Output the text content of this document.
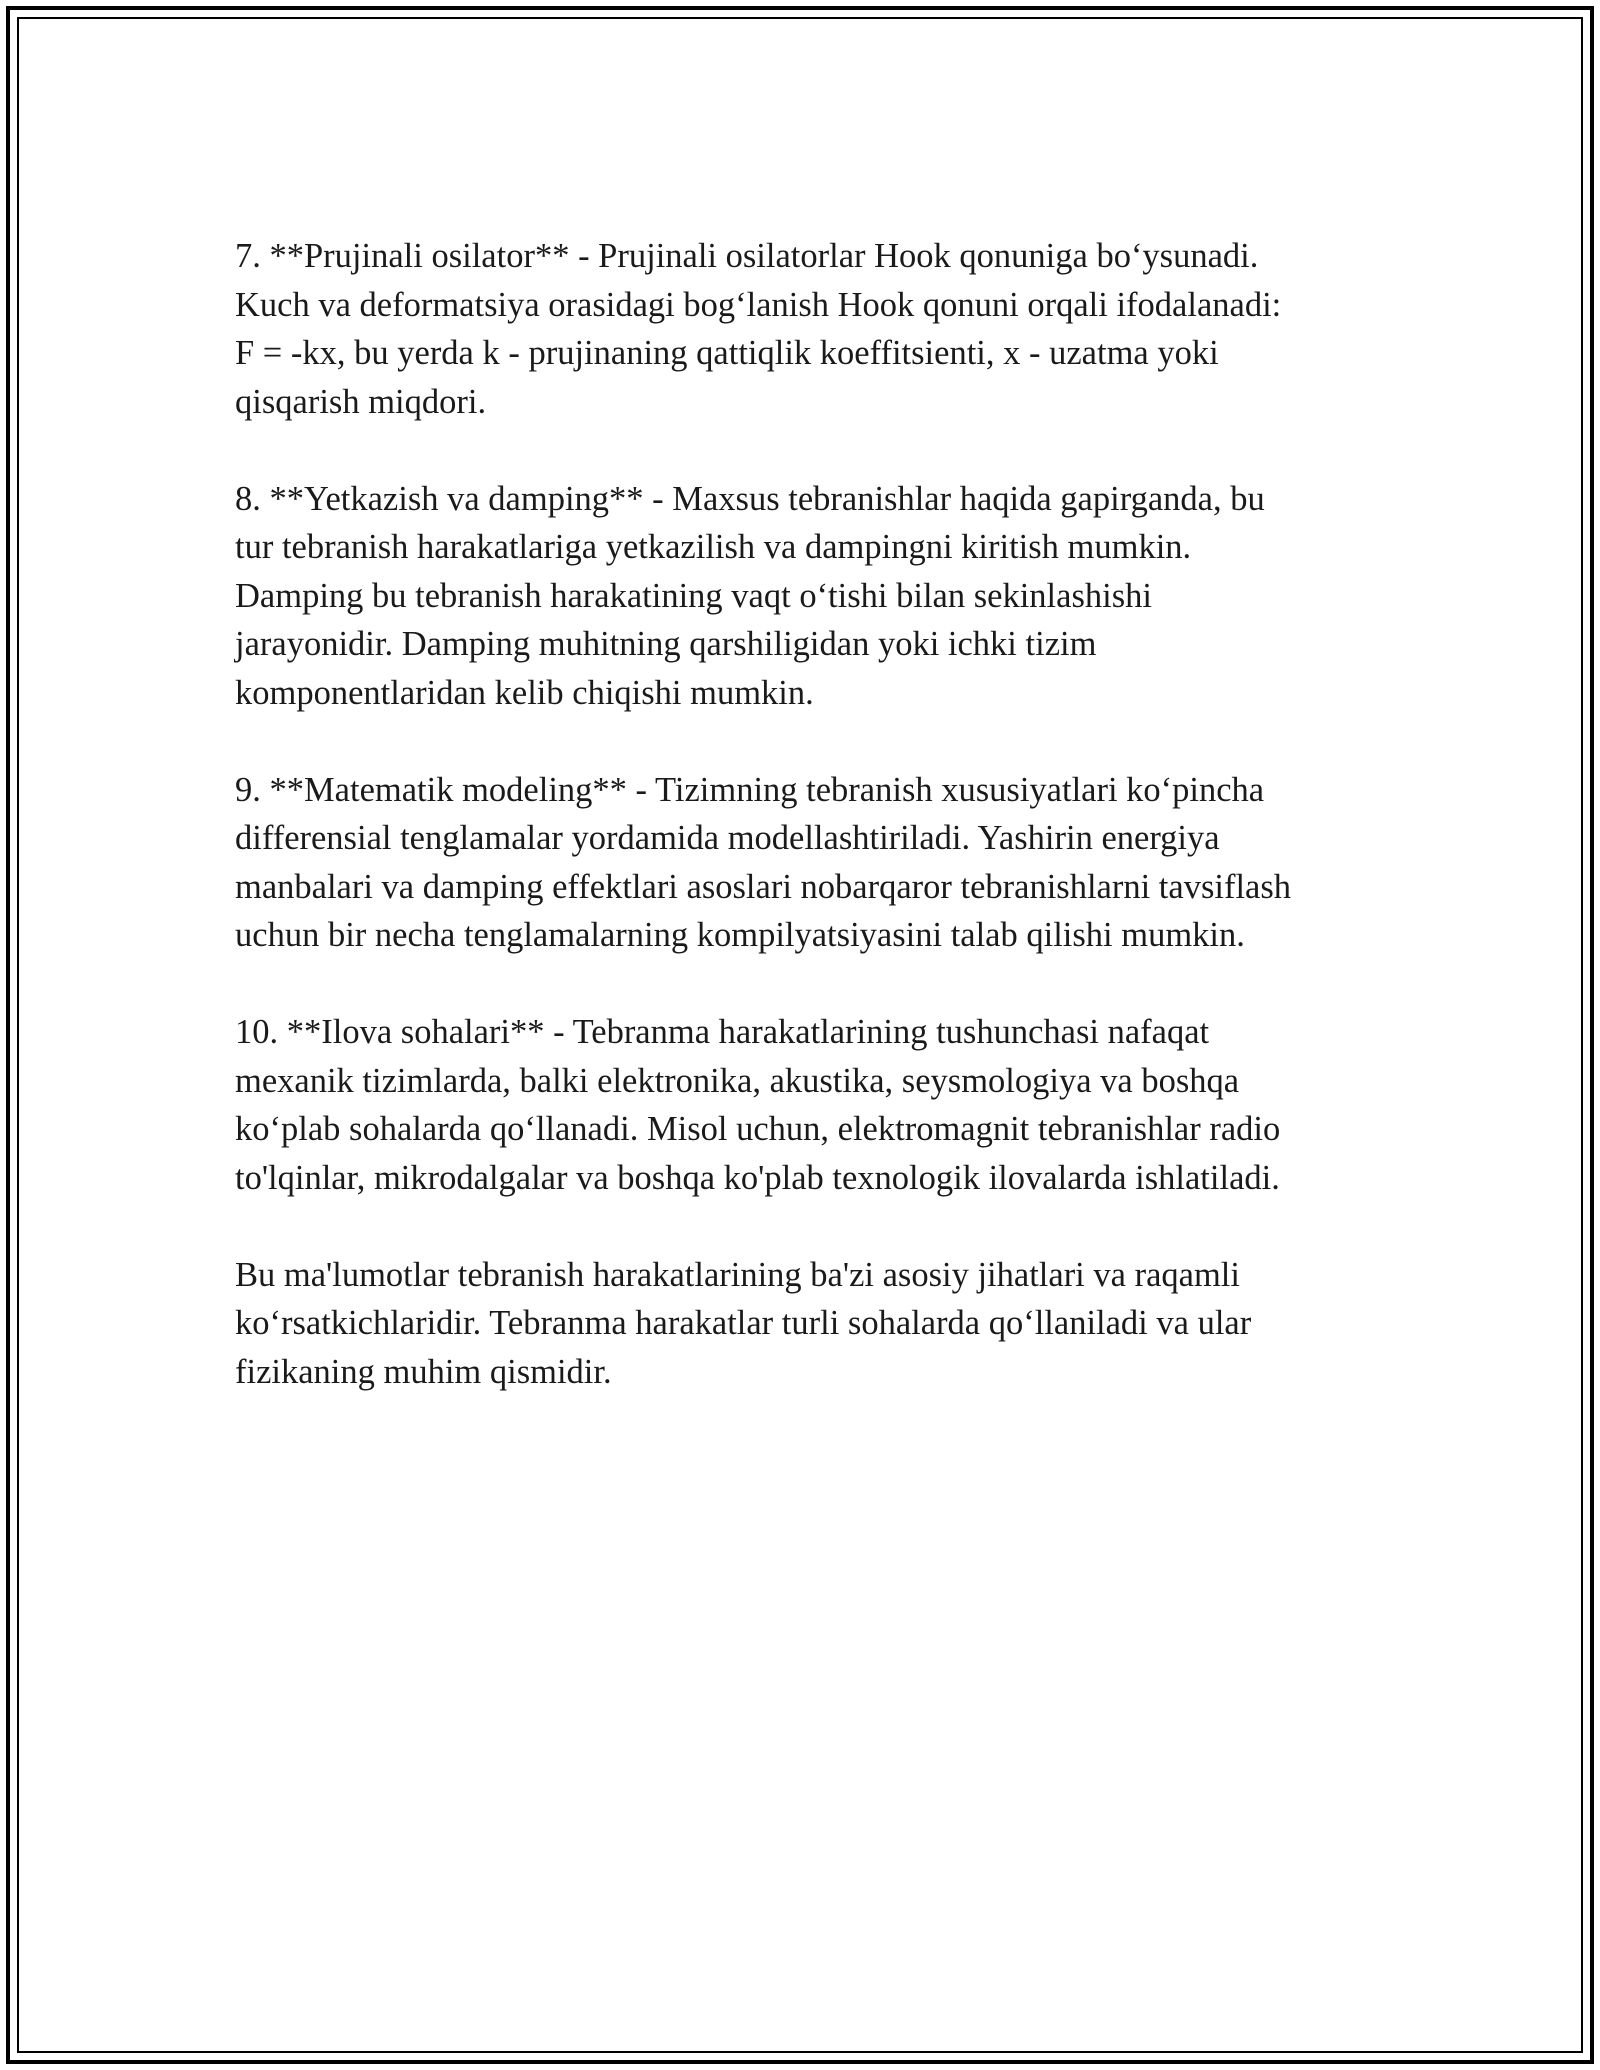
7. **Prujinali osilator** - Prujinali osilatorlar Hook qonuniga bo‘ysunadi.
Kuch va deformatsiya orasidagi bog‘lanish Hook qonuni orqali ifodalanadi:
F = -kx, bu yerda k - prujinaning qattiqlik koeffitsienti, x - uzatma yoki
qisqarish miqdori.

8. **Yetkazish va damping** - Maxsus tebranishlar haqida gapirganda, bu
tur tebranish harakatlariga yetkazilish va dampingni kiritish mumkin.
Damping bu tebranish harakatining vaqt o‘tishi bilan sekinlashishi
jarayonidir. Damping muhitning qarshiligidan yoki ichki tizim
komponentlaridan kelib chiqishi mumkin.

9. **Matematik modeling** - Tizimning tebranish xususiyatlari ko‘pincha
differensial tenglamalar yordamida modellashtiriladi. Yashirin energiya
manbalari va damping effektlari asoslari nobarqaror tebranishlarni tavsiflash
uchun bir necha tenglamalarning kompilyatsiyasini talab qilishi mumkin.

10. **Ilova sohalari** - Tebranma harakatlarining tushunchasi nafaqat
mexanik tizimlarda, balki elektronika, akustika, seysmologiya va boshqa
ko‘plab sohalarda qo‘llanadi. Misol uchun, elektromagnit tebranishlar radio
to'lqinlar, mikrodalgalar va boshqa ko'plab texnologik ilovalarda ishlatiladi.

Bu ma'lumotlar tebranish harakatlarining ba'zi asosiy jihatlari va raqamli
ko‘rsatkichlaridir. Tebranma harakatlar turli sohalarda qo‘llaniladi va ular
fizikaning muhim qismidir.
